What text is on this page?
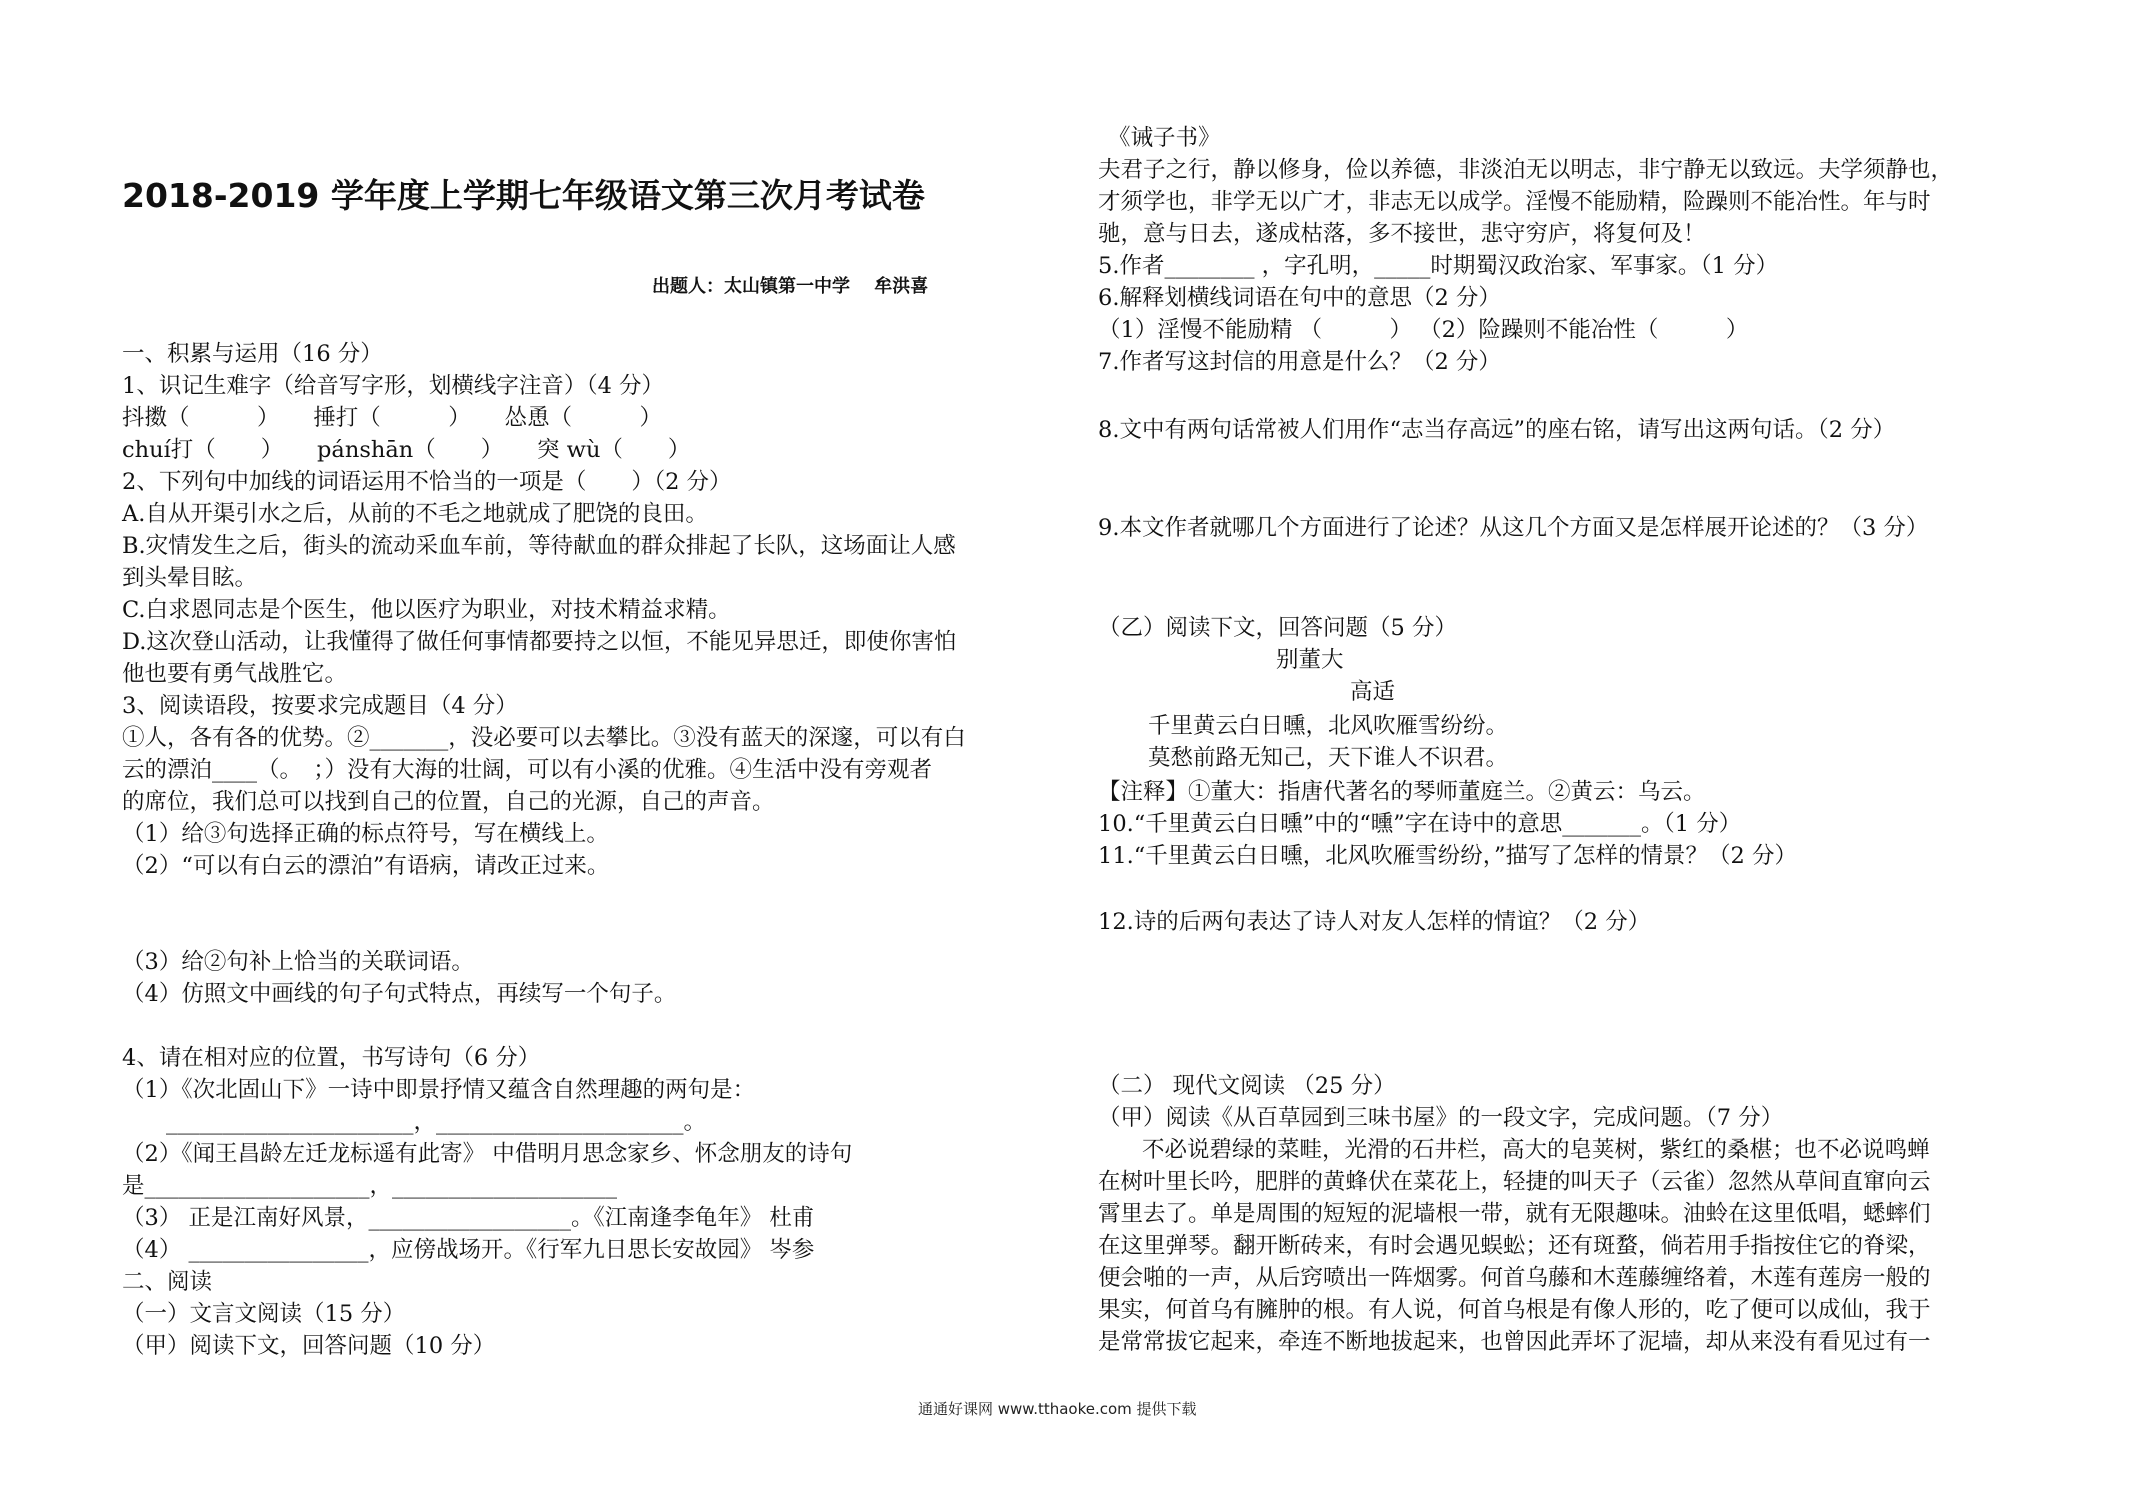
2018-2019 学年度上学期七年级语文第三次月考试卷
出题人：太山镇第一中学　 牟洪喜
一、积累与运用（16 分）
1、识记生难字（给音写字形，划横线字注音）（4 分）
抖擞（　　　）　　捶打（　　　）　　怂恿（　　　）
chuí打（　　）　　pánshān（　　）　　突 wù（　　）
2、下列句中加线的词语运用不恰当的一项是（　　）（2 分）
A.自从开渠引水之后，从前的不毛之地就成了肥饶的良田。
B.灾情发生之后，街头的流动采血车前，等待献血的群众排起了长队，这场面让人感
到头晕目眩。
C.白求恩同志是个医生，他以医疗为职业，对技术精益求精。
D.这次登山活动，让我懂得了做任何事情都要持之以恒，不能见异思迁，即使你害怕
他也要有勇气战胜它。
3、阅读语段，按要求完成题目（4 分）
①人，各有各的优势。②_______，没必要可以去攀比。③没有蓝天的深邃，可以有白
云的漂泊____（。　；）没有大海的壮阔，可以有小溪的优雅。④生活中没有旁观者
的席位，我们总可以找到自己的位置，自己的光源，自己的声音。
（1）给③句选择正确的标点符号，写在横线上。
（2）“可以有白云的漂泊”有语病，请改正过来。
（3）给②句补上恰当的关联词语。
（4）仿照文中画线的句子句式特点，再续写一个句子。
4、请在相对应的位置，书写诗句（6 分）
（1）《次北固山下》一诗中即景抒情又蕴含自然理趣的两句是：
______________________，______________________。
（2）《闻王昌龄左迁龙标遥有此寄》 中借明月思念家乡、怀念朋友的诗句
是____________________，____________________
（3） 正是江南好风景，__________________。《江南逢李龟年》 杜甫
（4） ________________，应傍战场开。《行军九日思长安故园》 岑参
二、阅读
（一）文言文阅读（15 分）
（甲）阅读下文，回答问题（10 分）
《诫子书》
夫君子之行，静以修身，俭以养德，非淡泊无以明志，非宁静无以致远。夫学须静也，
才须学也，非学无以广才，非志无以成学。淫慢不能励精，险躁则不能冶性。年与时
驰，意与日去，遂成枯落，多不接世，悲守穷庐，将复何及！
5.作者________ ，字孔明，_____时期蜀汉政治家、军事家。（1 分）
6.解释划横线词语在句中的意思（2 分）
（1）淫慢不能励精 （　　　） （2）险躁则不能冶性（　　　）
7.作者写这封信的用意是什么？（2 分）
8.文中有两句话常被人们用作“志当存高远”的座右铭，请写出这两句话。（2 分）
9.本文作者就哪几个方面进行了论述？从这几个方面又是怎样展开论述的？（3 分）
（乙）阅读下文，回答问题（5 分）
别董大
高适
千里黄云白日曛，北风吹雁雪纷纷。
莫愁前路无知己，天下谁人不识君。
【注释】①董大：指唐代著名的琴师董庭兰。②黄云：乌云。
10.“千里黄云白日曛”中的“曛”字在诗中的意思_______。（1 分）
11.“千里黄云白日曛，北风吹雁雪纷纷，”描写了怎样的情景？（2 分）
12.诗的后两句表达了诗人对友人怎样的情谊？（2 分）
（二） 现代文阅读 （25 分）
（甲）阅读《从百草园到三味书屋》的一段文字，完成问题。（7 分）
不必说碧绿的菜畦，光滑的石井栏，高大的皂荚树，紫红的桑椹；也不必说鸣蝉
在树叶里长吟，肥胖的黄蜂伏在菜花上，轻捷的叫天子（云雀）忽然从草间直窜向云
霄里去了。单是周围的短短的泥墙根一带，就有无限趣味。油蛉在这里低唱，蟋蟀们
在这里弹琴。翻开断砖来，有时会遇见蜈蚣；还有斑蝥，倘若用手指按住它的脊梁，
便会啪的一声，从后窍喷出一阵烟雾。何首乌藤和木莲藤缠络着，木莲有莲房一般的
果实，何首乌有臃肿的根。有人说，何首乌根是有像人形的，吃了便可以成仙，我于
是常常拔它起来，牵连不断地拔起来，也曾因此弄坏了泥墙，却从来没有看见过有一
通通好课网 www.tthaoke.com 提供下载
